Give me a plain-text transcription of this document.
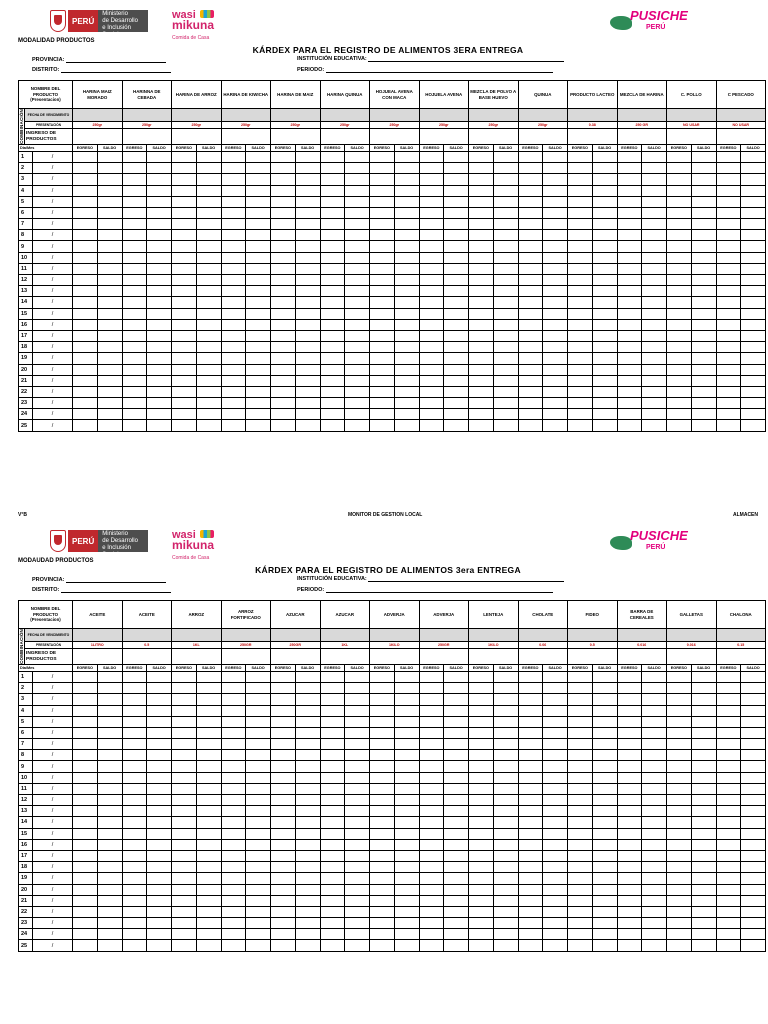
PERÚ
Ministerio
de Desarrollo
e Inclusión Social
wasi
mikuna
Comida de Casa
PUSICHE
PERÚ
MODALIDAD PRODUCTOS
KÁRDEX PARA EL REGISTRO DE ALIMENTOS 3ERA ENTREGA
PROVINCIA:
DISTRITO:
INSTITUCIÓN EDUCATIVA:
PERIODO:
NOMBRE DEL PRODUCTO (Presentacion)			HARINA MAIZ MORADO		HARINNA DE CEBADA		HARINA DE ARROZ		HARINA DE KIWICHA		HARINA DE MAIZ		HARINA QUINUA		HOJUEAL AVENA CON MACA		HOJUELA AVENA		MEZCLA DE POLVO A BASE HUEVO		QUINUA		PRODUCTO LACTEO		MEZCLA DE HARINA		C. POLLO		C PESCADO	

COMBINACIÓN	FECHA DE VENCIMIENTO																													
	PRESENTACIÓN		250gr		250gr		250gr		250gr		250gr		250gr		250gr		250gr		250gr		250gr		0.38		250 GR		NO USAR		NO USAR	
	INGRESO DE PRODUCTOS																													
Dia/Mes			EGRESO	SALDO	EGRESO	SALDO	EGRESO	SALDO	EGRESO	SALDO	EGRESO	SALDO	EGRESO	SALDO	EGRESO	SALDO	EGRESO	SALDO	EGRESO	SALDO	EGRESO	SALDO	EGRESO	SALDO	EGRESO	SALDO	EGRESO	SALDO	EGRESO	SALDO
1		/																												
2		/																												
3		/																												
4		/																												
5		/																												
6		/																												
7		/																												
8		/																												
9		/																												
10		/																												
11		/																												
12		/																												
13		/																												
14		/																												
15		/																												
16		/																												
17		/																												
18		/																												
19		/																												
20		/																												
21		/																												
22		/																												
23		/																												
24		/																												
25		/																												
PERÚ
Ministerio
de Desarrollo
e Inclusión Social
wasi
mikuna
Comida de Casa
PUSICHE
PERÚ
MODAUDAD PRODUCTOS
KÁRDEX PARA EL REGISTRO DE ALIMENTOS 3era ENTREGA
PROVINCIA:
DISTRITO:
INSTITUCIÓN EDUCATIVA:
PERIODO:
NOMBRE DEL PRODUCTO (Presentacion)			ACEITE		ACEITE		ARROZ		ARROZ FORTIFICADO		AZUCAR		AZUCAR		ADVERJA		ADVERJA		LENTEJA		CHOLATE		FIDEO		BARRA DE CEREALES		GALLETAS		CHALONA	

COMBINACIÓN	FECHA DE VENCIMIENTO																													
	PRESENTACIÓN		1LITRO		0.5		1KL		250GR		250GR		1KL		1KILO		250GR		1KILO		0.06		0.5		0.016		0.016		0.15	
	INGRESO DE PRODUCTOS																													
Dia/Mes			EGRESO	SALDO	EGRESO	SALDO	EGRESO	SALDO	EGRESO	SALDO	EGRESO	SALDO	EGRESO	SALDO	EGRESO	SALDO	EGRESO	SALDO	EGRESO	SALDO	EGRESO	SALDO	EGRESO	SALDO	EGRESO	SALDO	EGRESO	SALDO	EGRESO	SALDO
1		/																												
2		/																												
3		/																												
4		/																												
5		/																												
6		/																												
7		/																												
8		/																												
9		/																												
10		/																												
11		/																												
12		/																												
13		/																												
14		/																												
15		/																												
16		/																												
17		/																												
18		/																												
19		/																												
20		/																												
21		/																												
22		/																												
23		/																												
24		/																												
25		/																												
V°B	MONITOR DE GESTION LOCAL	ALMACEN
